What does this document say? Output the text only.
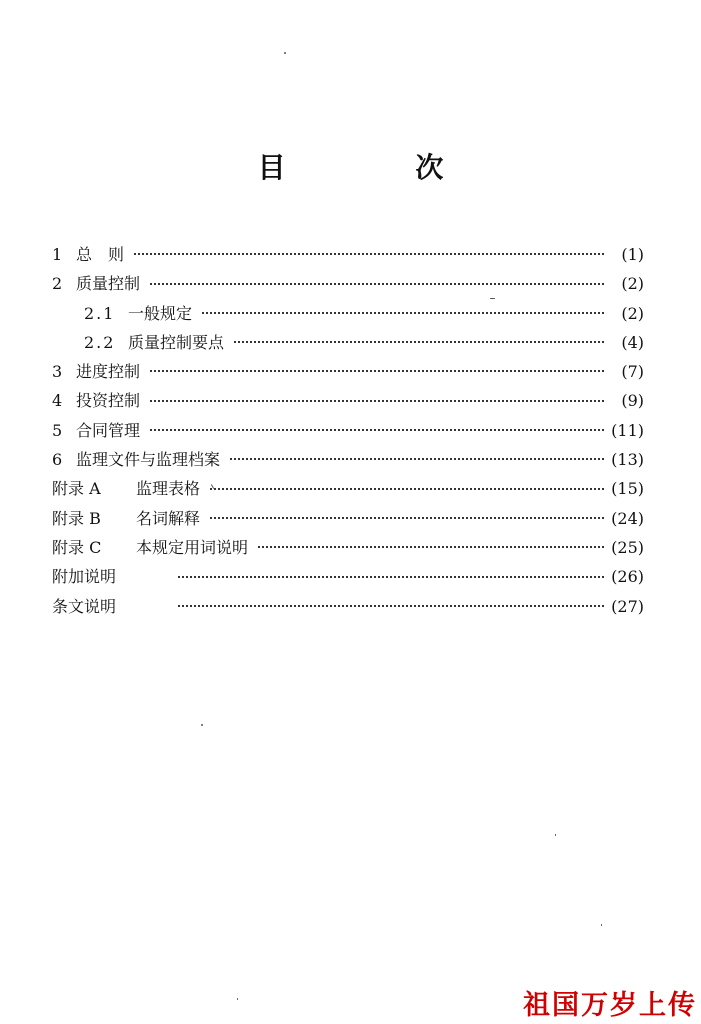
目 次
1 总　则	(1)
2 质量控制	(2)
2.1 一般规定	(2)
2.2 质量控制要点	(4)
3 进度控制	(7)
4 投资控制	(9)
5 合同管理	(11)
6 监理文件与监理档案	(13)
附录 A	监理表格	(15)
附录 B	名词解释	(24)
附录 C	本规定用词说明	(25)
附加说明	(26)
条文说明	(27)
祖国万岁上传
